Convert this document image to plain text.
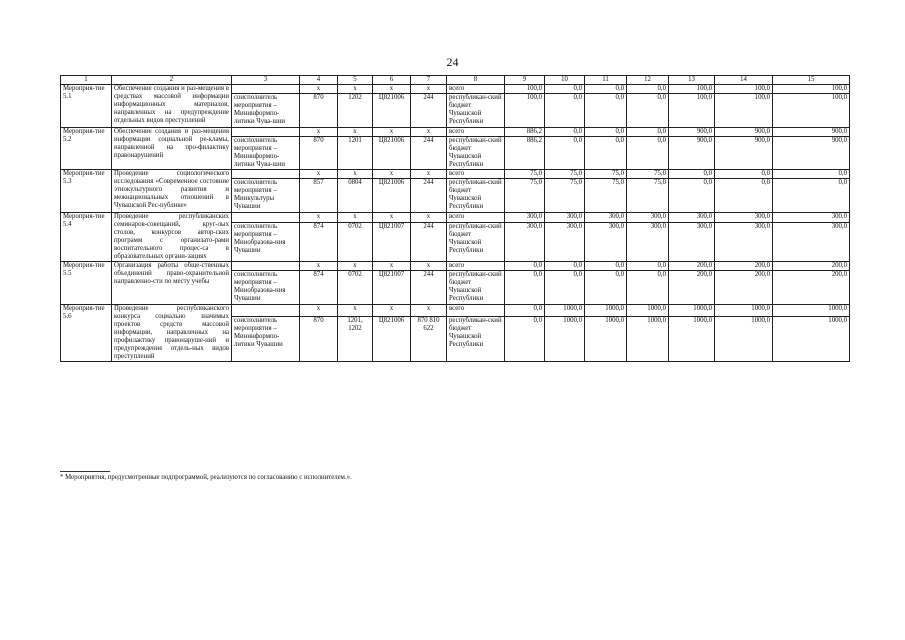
24
1	2	3	4	5	6	7	8	9	10	11	12	13	14	15
Мероприя-тие 5.1	Обеспечение создания и раз-мещения в средствах массовой информации информационных материалов, направленных на предупреждение отдельных видов преступлений		х	х	х	х	всего	100,0	0,0	0,0	0,0	100,0	100,0	100,0
		соисполнитель мероприятия – Мининформпо-литики Чува-шии	870	1202	Ц821006	244	республикан-ский бюджет Чувашской Республики	100,0	0,0	0,0	0,0	100,0	100,0	100,0
Мероприя-тие 5.2	Обеспечение создания и раз-мещения информации социальной ре-кламы, направленной на про-филактику правонарушений		х	х	х	х	всего	886,2	0,0	0,0	0,0	900,0	900,0	900,0
		соисполнитель мероприятия – Мининформпо-литики Чува-шии	870	1201	Ц821006	244	республикан-ский бюджет Чувашской Республики	886,2	0,0	0,0	0,0	900,0	900,0	900,0
Мероприя-тие 5.3	Проведение социологического исследования «Современное состояние этнокультурного развития и межнациональных отношений в Чувашской Рес-публике»		х	х	х	х	всего	75,0	75,0	75,0	75,0	0,0	0,0	0,0
		соисполнитель мероприятия – Минкультуры Чувашии	857	0804	Ц821006	244	республикан-ский бюджет Чувашской Республики	75,0	75,0	75,0	75,0	0,0	0,0	0,0
Мероприя-тие 5.4	Проведение республиканских семинаров-совещаний, круг-лых столов, конкурсов автор-ских программ с организато-рами воспитательного процес-са в образовательных органи-зациях		х	х	х	х	всего	300,0	300,0	300,0	300,0	300,0	300,0	300,0
		соисполнитель мероприятия – Минобразова-ния Чувашии	874	0702	Ц821007	244	республикан-ский бюджет Чувашской Республики	300,0	300,0	300,0	300,0	300,0	300,0	300,0
Мероприя-тие 5.5	Организация работы обще-ственных объединений право-охранительной направленно-сти по месту учебы		х	х	х	х	всего	0,0	0,0	0,0	0,0	200,0	200,0	200,0
		соисполнитель мероприятия – Минобразова-ния Чувашии	874	0702	Ц821007	244	республикан-ский бюджет Чувашской Республики	0,0	0,0	0,0	0,0	200,0	200,0	200,0
Мероприя-тие 5.6	Проведение республиканского конкурса социально значимых проектов средств массовой информации, направленных на профилактику правонаруше-ний и предупреждение отдель-ных видов преступлений		х	х	х	х	всего	0,0	1000,0	1000,0	1000,0	1000,0	1000,0	1000,0
		соисполнитель мероприятия – Мининформпо-литики Чувашии	870	1201, 1202	Ц821006	870 810 622	республикан-ский бюджет Чувашской Республики	0,0	1000,0	1000,0	1000,0	1000,0	1000,0	1000,0
* Мероприятия, предусмотренные подпрограммой, реализуются по согласованию с исполнителем.».
